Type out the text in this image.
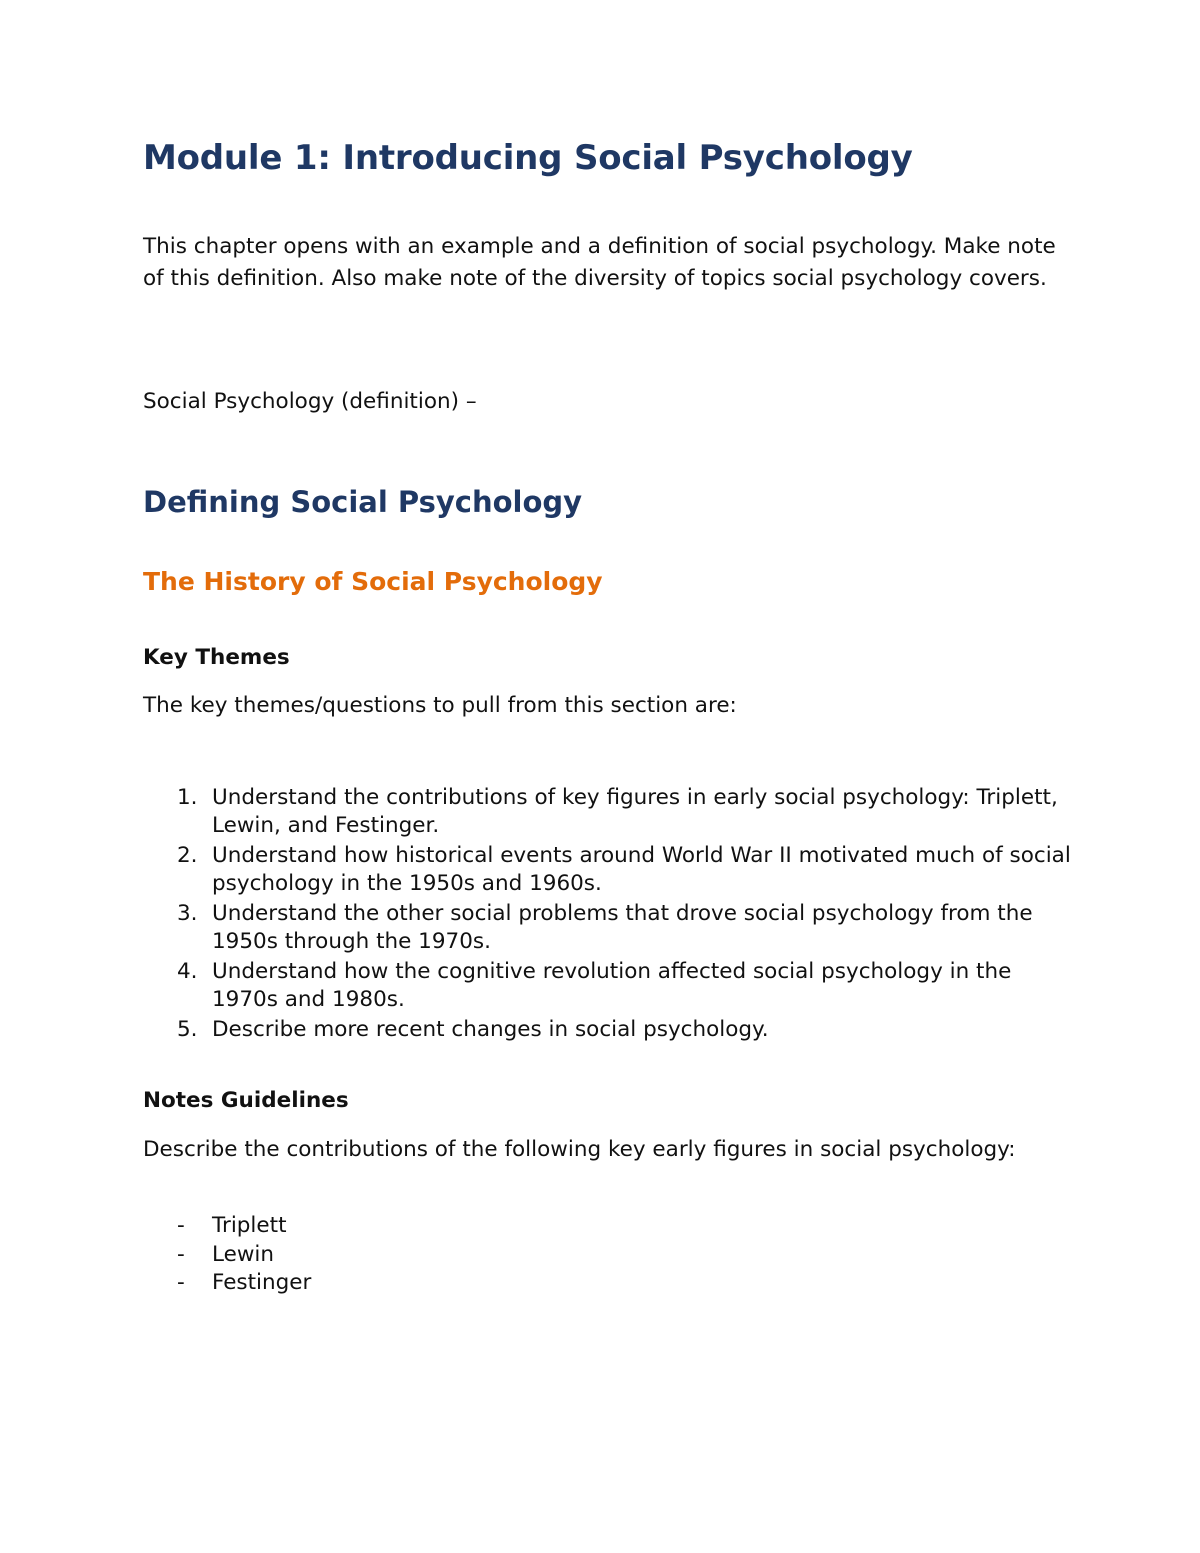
Module 1: Introducing Social Psychology

This chapter opens with an example and a definition of social psychology. Make note of this definition. Also make note of the diversity of topics social psychology covers.

Social Psychology (definition) –

Defining Social Psychology
The History of Social Psychology
Key Themes

The key themes/questions to pull from this section are:

1. Understand the contributions of key figures in early social psychology: Triplett, Lewin, and Festinger.
2. Understand how historical events around World War II motivated much of social psychology in the 1950s and 1960s.
3. Understand the other social problems that drove social psychology from the 1950s through the 1970s.
4. Understand how the cognitive revolution affected social psychology in the 1970s and 1980s.
5. Describe more recent changes in social psychology.
Notes Guidelines

Describe the contributions of the following key early figures in social psychology:

- Triplett
- Lewin
- Festinger
